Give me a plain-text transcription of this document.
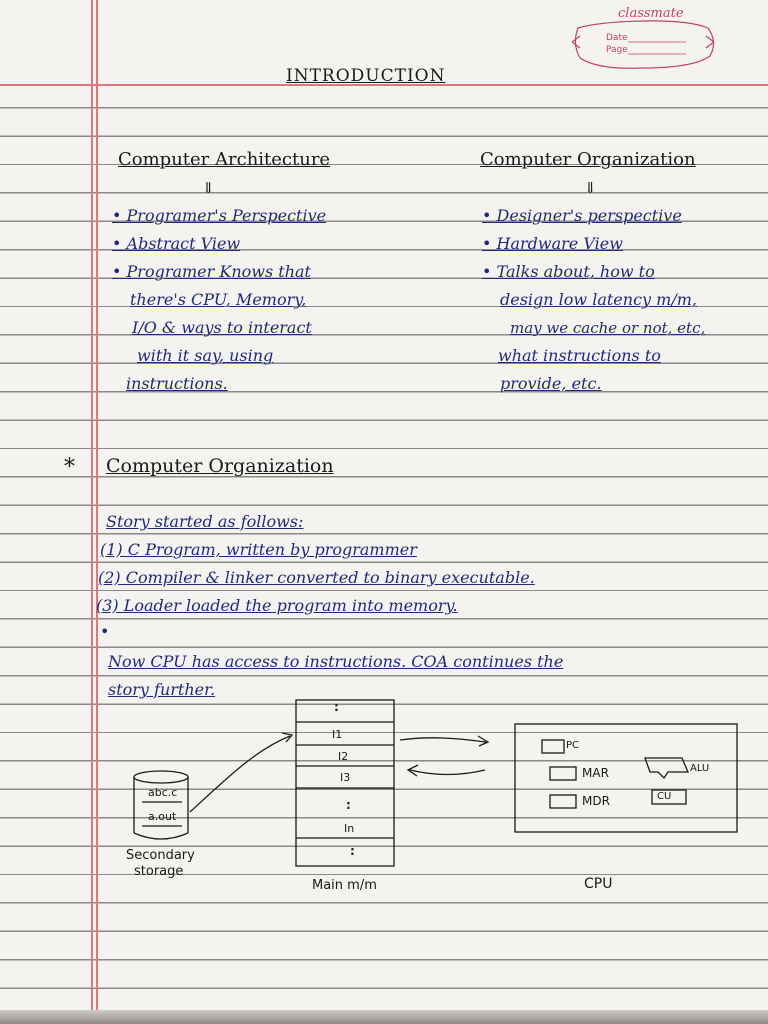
classmate
Date
Page
INTRODUCTION
Computer Architecture
⇓
• Programer's Perspective
• Abstract View
• Programer Knows that
there's CPU, Memory,
I/O & ways to interact
with it say, using
instructions.
Computer Organization
⇓
• Designer's perspective
• Hardware View
• Talks about, how to
design low latency m/m,
may we cache or not, etc,
what instructions to
provide, etc.
* Computer Organization
Story started as follows:
(1) C Program, written by programmer
(2) Compiler & linker converted to binary executable.
(3) Loader loaded the program into memory.
•
Now CPU has access to instructions. COA continues the
story further.
abc.c
a.out
Secondary
storage
:
I1
I2
I3
:
In
:
Main m/m
PC
MAR
MDR
ALU
CU
CPU
